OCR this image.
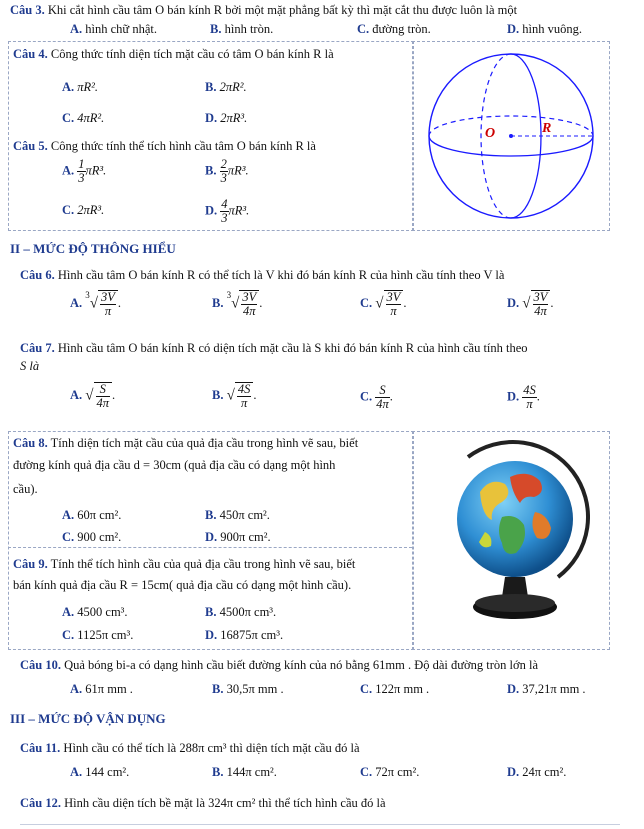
Câu 3. Khi cắt hình cầu tâm O bán kính R bởi một mặt phẳng bất kỳ thì mặt cắt thu được luôn là một
A. hình chữ nhật.	B. hình tròn.	C. đường tròn.	D. hình vuông.
Câu 4. Công thức tính diện tích mặt cầu có tâm O bán kính R là
A. πR².	B. 2πR².
C. 4πR².	D. 2πR³.
Câu 5. Công thức tính thể tích hình cầu tâm O bán kính R là
A. $\frac{1}{3} \pi R^3$.	B. $\frac{2}{3} \pi R^3$.
C. 2πR³.	D. $\frac{4}{3} \pi R^3$.
O	R
II – MỨC ĐỘ THÔNG HIỂU
Câu 6. Hình cầu tâm O bán kính R có thể tích là V khi đó bán kính R của hình cầu tính theo V là
A. $^3√ \frac{3V}{\pi}$ .	B. $^3√ \frac{3V}{4\pi}$ .	C. √ $\frac{3V}{\pi}$ .	D. √ $\frac{3V}{4\pi}$ .
Câu 7. Hình cầu tâm O bán kính R có diện tích mặt cầu là S khi đó bán kính R của hình cầu tính theo
S là
A. √ $\frac{S}{4\pi}$ .	B. √ $\frac{4S}{\pi}$ .	C. $\frac{S}{4\pi}$ .	D. $\frac{4S}{\pi}$ .
Câu 8. Tính diện tích mặt cầu của quả địa cầu trong hình vẽ sau, biết
đường kính quả địa cầu d = 30cm (quả địa cầu có dạng một hình
cầu).
A. 60π cm².	B. 450π cm².
C. 900 cm².	D. 900π cm².
Câu 9. Tính thể tích hình cầu của quả địa cầu trong hình vẽ sau, biết
bán kính quả địa cầu R = 15cm( quả địa cầu có dạng một hình cầu).
A. 4500 cm³.	B. 4500π cm³.
C. 1125π cm³.	D. 16875π cm³.
Câu 10. Quả bóng bi-a có dạng hình cầu biết đường kính của nó bằng 61mm . Độ dài đường tròn lớn là
A. 61π mm .	B. 30,5π mm .	C. 122π mm .	D. 37,21π mm .
III – MỨC ĐỘ VẬN DỤNG
Câu 11. Hình cầu có thể tích là 288π cm³ thì diện tích mặt cầu đó là
A. 144 cm².	B. 144π cm².	C. 72π cm².	D. 24π cm².
Câu 12. Hình cầu diện tích bề mặt là 324π cm² thì thể tích hình cầu đó là
